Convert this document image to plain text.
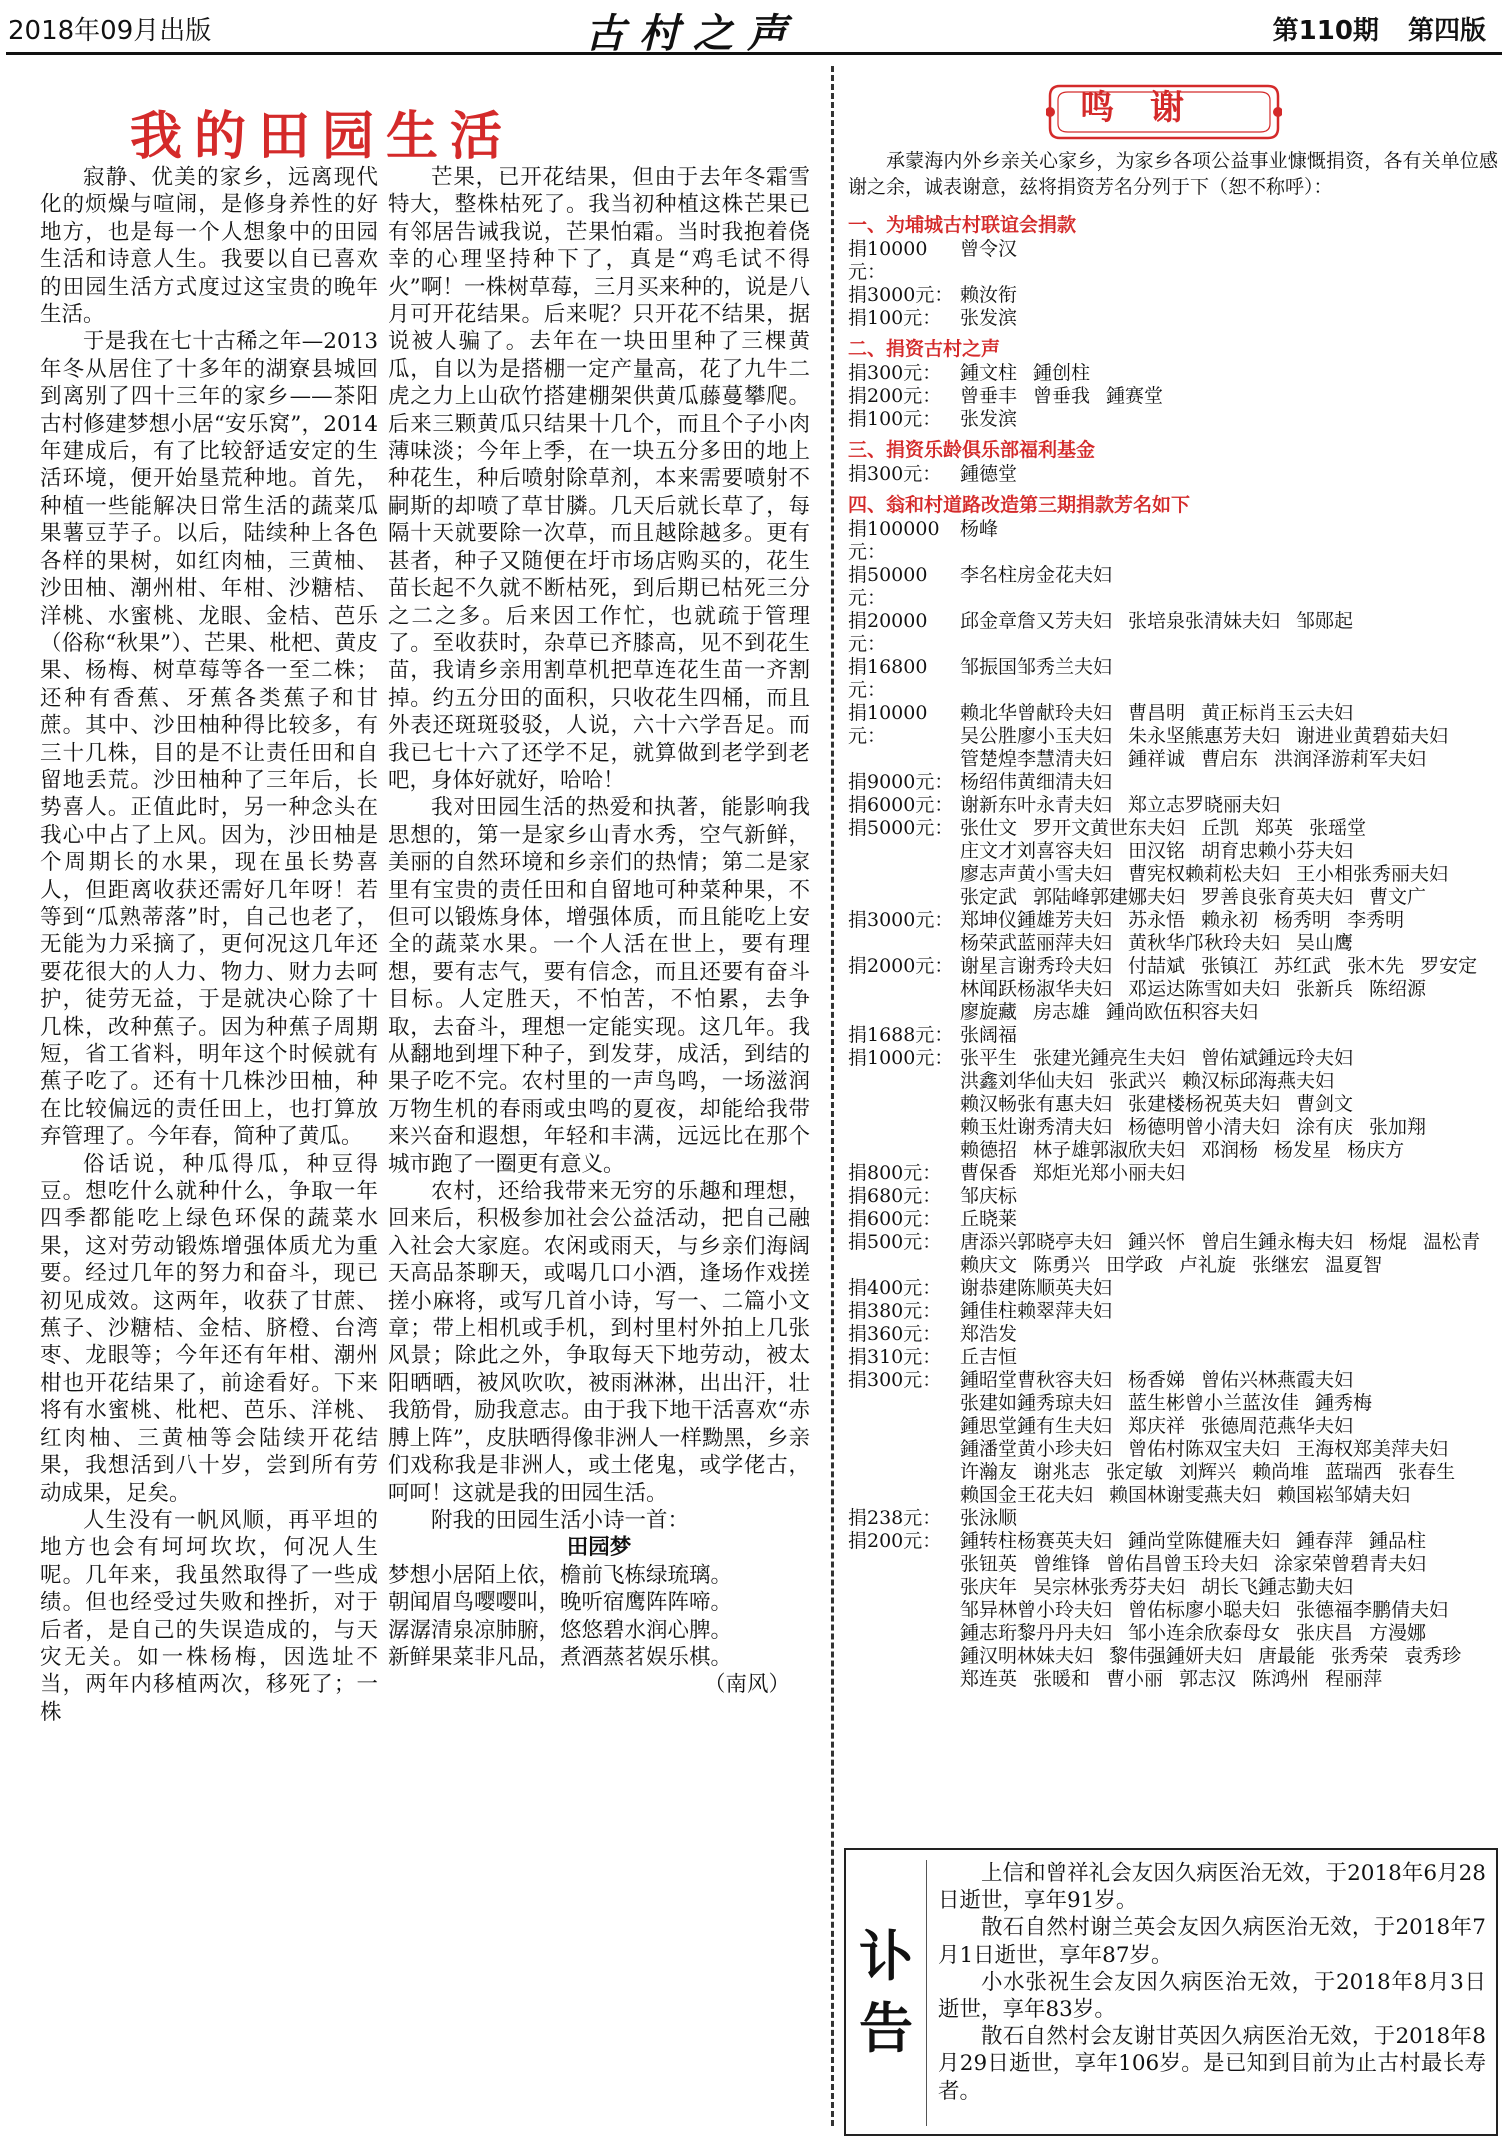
2018年09月出版	古村之声	第110期 第四版
我的田园生活

寂静、优美的家乡，远离现代化的烦燥与喧闹，是修身养性的好地方，也是每一个人想象中的田园生活和诗意人生。我要以自已喜欢的田园生活方式度过这宝贵的晚年生活。

于是我在七十古稀之年—2013年冬从居住了十多年的湖寮县城回到离别了四十三年的家乡——茶阳古村修建梦想小居“安乐窝”，2014年建成后，有了比较舒适安定的生活环境，便开始垦荒种地。首先，种植一些能解决日常生活的蔬菜瓜果薯豆芋子。以后，陆续种上各色各样的果树，如红肉柚，三黄柚、沙田柚、潮州柑、年柑、沙糖桔、洋桃、水蜜桃、龙眼、金桔、芭乐（俗称“秋果”）、芒果、枇杷、黄皮果、杨梅、树草莓等各一至二株；还种有香蕉、牙蕉各类蕉子和甘蔗。其中、沙田柚种得比较多，有三十几株，目的是不让责任田和自留地丢荒。沙田柚种了三年后，长势喜人。正值此时，另一种念头在我心中占了上风。因为，沙田柚是个周期长的水果，现在虽长势喜人，但距离收获还需好几年呀！若等到“瓜熟蒂落”时，自己也老了，无能为力采摘了，更何况这几年还要花很大的人力、物力、财力去呵护，徒劳无益，于是就决心除了十几株，改种蕉子。因为种蕉子周期短，省工省料，明年这个时候就有蕉子吃了。还有十几株沙田柚，种在比较偏远的责任田上，也打算放弃管理了。今年春，简种了黄瓜。

俗话说，种瓜得瓜，种豆得豆。想吃什么就种什么，争取一年四季都能吃上绿色环保的蔬菜水果，这对劳动锻炼增强体质尤为重要。经过几年的努力和奋斗，现已初见成效。这两年，收获了甘蔗、蕉子、沙糖桔、金桔、脐橙、台湾枣、龙眼等；今年还有年柑、潮州柑也开花结果了，前途看好。下来将有水蜜桃、枇杷、芭乐、洋桃、红肉柚、三黄柚等会陆续开花结果，我想活到八十岁，尝到所有劳动成果，足矣。

人生没有一帆风顺，再平坦的地方也会有坷坷坎坎，何况人生呢。几年来，我虽然取得了一些成绩。但也经受过失败和挫折，对于后者，是自己的失误造成的，与天灾无关。如一株杨梅，因选址不当，两年内移植两次，移死了；一株

芒果，已开花结果，但由于去年冬霜雪特大，整株枯死了。我当初种植这株芒果已有邻居告诫我说，芒果怕霜。当时我抱着侥幸的心理坚持种下了，真是“鸡毛试不得火”啊！一株树草莓，三月买来种的，说是八月可开花结果。后来呢？只开花不结果，据说被人骗了。去年在一块田里种了三棵黄瓜，自以为是搭棚一定产量高，花了九牛二虎之力上山砍竹搭建棚架供黄瓜藤蔓攀爬。后来三颗黄瓜只结果十几个，而且个子小肉薄味淡；今年上季，在一块五分多田的地上种花生，种后喷射除草剂，本来需要喷射不嗣斯的却喷了草甘膦。几天后就长草了，每隔十天就要除一次草，而且越除越多。更有甚者，种子又随便在圩市场店购买的，花生苗长起不久就不断枯死，到后期已枯死三分之二之多。后来因工作忙，也就疏于管理了。至收获时，杂草已齐膝高，见不到花生苗，我请乡亲用割草机把草连花生苗一齐割掉。约五分田的面积，只收花生四桶，而且外表还斑斑驳驳，人说，六十六学吾足。而我已七十六了还学不足，就算做到老学到老吧，身体好就好，哈哈！

我对田园生活的热爱和执著，能影响我思想的，第一是家乡山青水秀，空气新鲜，美丽的自然环境和乡亲们的热情；第二是家里有宝贵的责任田和自留地可种菜种果，不但可以锻炼身体，增强体质，而且能吃上安全的蔬菜水果。一个人活在世上，要有理想，要有志气，要有信念，而且还要有奋斗目标。人定胜天，不怕苦，不怕累，去争取，去奋斗，理想一定能实现。这几年。我从翻地到埋下种子，到发芽，成活，到结的果子吃不完。农村里的一声鸟鸣，一场滋润万物生机的春雨或虫鸣的夏夜，却能给我带来兴奋和遐想，年轻和丰满，远远比在那个城市跑了一圈更有意义。

农村，还给我带来无穷的乐趣和理想，回来后，积极参加社会公益活动，把自己融入社会大家庭。农闲或雨天，与乡亲们海阔天高品茶聊天，或喝几口小酒，逢场作戏搓搓小麻将，或写几首小诗，写一、二篇小文章；带上相机或手机，到村里村外拍上几张风景；除此之外，争取每天下地劳动，被太阳晒晒，被风吹吹，被雨淋淋，出出汗，壮我筋骨，励我意志。由于我下地干活喜欢“赤膊上阵”，皮肤晒得像非洲人一样黝黑，乡亲们戏称我是非洲人，或土佬鬼，或学佬古，呵呵！这就是我的田园生活。

附我的田园生活小诗一首：

田园梦

梦想小居陌上依，檐前飞栋绿琉璃。

朝闻眉鸟嘤嘤叫，晚听宿鹰阵阵啼。

潺潺清泉凉肺腑，悠悠碧水润心脾。

新鲜果菜非凡品，煮酒蒸茗娱乐棋。

（南风）

鸣谢
承蒙海内外乡亲关心家乡，为家乡各项公益事业慷慨捐资，各有关单位感谢之余，诚表谢意，兹将捐资芳名分列于下（恕不称呼）：
一、为埔城古村联谊会捐款
捐10000元：
曾令汉
捐3000元： 赖汝衔
捐100元： 张发滨
二、捐资古村之声
捐300元： 鍾文柱 鍾创柱
捐200元： 曾垂丰 曾垂我 鍾赛堂
捐100元： 张发滨
三、捐资乐龄俱乐部福利基金
捐300元： 鍾德堂
四、翁和村道路改造第三期捐款芳名如下
捐100000元：
杨峰
捐50000元：
李名柱房金花夫妇
捐20000元：
邱金章詹又芳夫妇 张培泉张清妹夫妇 邹郧起
捐16800元：
邹振国邹秀兰夫妇
捐10000元：
赖北华曾献玲夫妇 曹昌明 黄正标肖玉云夫妇
吴公胜廖小玉夫妇 朱永坚熊惠芳夫妇 谢进业黄碧茹夫妇
管楚煌李慧清夫妇 鍾祥诚 曹启东 洪润泽游莉军夫妇
捐9000元： 杨绍伟黄细清夫妇
捐6000元： 谢新东叶永青夫妇 郑立志罗晓丽夫妇
捐5000元： 张仕文 罗开文黄世东夫妇 丘凯 郑英 张瑶堂
庄文才刘喜容夫妇 田汉铭 胡育忠赖小芬夫妇
廖志声黄小雪夫妇 曹宪权赖莉松夫妇 王小相张秀丽夫妇
张定武 郭陆峰郭建娜夫妇 罗善良张育英夫妇 曹文广
捐3000元： 郑坤仪鍾雄芳夫妇 苏永悟 赖永初 杨秀明 李秀明
杨荣武蓝丽萍夫妇 黄秋华邝秋玲夫妇 吴山鹰
捐2000元： 谢星言谢秀玲夫妇 付喆斌 张镇江 苏红武 张木先 罗安定
林闻跃杨淑华夫妇 邓运达陈雪如夫妇 张新兵 陈绍源
廖旋藏 房志雄 鍾尚欧伍积容夫妇
捐1688元： 张阔福
捐1000元： 张平生 张建光鍾亮生夫妇 曾佑斌鍾远玲夫妇
洪鑫刘华仙夫妇 张武兴 赖汉标邱海燕夫妇
赖汉畅张有惠夫妇 张建楼杨祝英夫妇 曹剑文
赖玉灶谢秀清夫妇 杨德明曾小清夫妇 涂有庆 张加翔
赖德招 林子雄郭淑欣夫妇 邓润杨 杨发星 杨庆方
捐800元： 曹保香 郑炬光郑小丽夫妇
捐680元： 邹庆标
捐600元： 丘晓莱
捐500元： 唐添兴郭晓亭夫妇 鍾兴怀 曾启生鍾永梅夫妇 杨焜 温松青
赖庆文 陈勇兴 田学政 卢礼旋 张继宏 温夏智
捐400元： 谢恭建陈顺英夫妇
捐380元： 鍾佳柱赖翠萍夫妇
捐360元： 郑浩发
捐310元： 丘吉恒
捐300元： 鍾昭堂曹秋容夫妇 杨香娣 曾佑兴林燕霞夫妇
张建如鍾秀琼夫妇 蓝生彬曾小兰蓝汝佳 鍾秀梅
鍾思堂鍾有生夫妇 郑庆祥 张德周范燕华夫妇
鍾潘堂黄小珍夫妇 曾佑村陈双宝夫妇 王海权郑美萍夫妇
许瀚友 谢兆志 张定敏 刘辉兴 赖尚堆 蓝瑞西 张春生
赖国金王花夫妇 赖国林谢雯燕夫妇 赖国崧邹婧夫妇
捐238元： 张泳顺
捐200元： 鍾转柱杨赛英夫妇 鍾尚堂陈健雁夫妇 鍾春萍 鍾品柱
张钮英 曾维锋 曾佑昌曾玉玲夫妇 涂家荣曾碧青夫妇
张庆年 吴宗林张秀芬夫妇 胡长飞鍾志勤夫妇
邹异林曾小玲夫妇 曾佑标廖小聪夫妇 张德福李鹏倩夫妇
鍾志珩黎丹丹夫妇 邹小连余欣泰母女 张庆昌 方漫娜
鍾汉明林妹夫妇 黎伟强鍾妍夫妇 唐最能 张秀荣 袁秀珍
郑连英 张暖和 曹小丽 郭志汉 陈鸿州 程丽萍
讣告

上信和曾祥礼会友因久病医治无效，于2018年6月28日逝世，享年91岁。

散石自然村谢兰英会友因久病医治无效，于2018年7月1日逝世，享年87岁。

小水张祝生会友因久病医治无效，于2018年8月3日逝世，享年83岁。

散石自然村会友谢甘英因久病医治无效，于2018年8月29日逝世，享年106岁。是已知到目前为止古村最长寿者。
